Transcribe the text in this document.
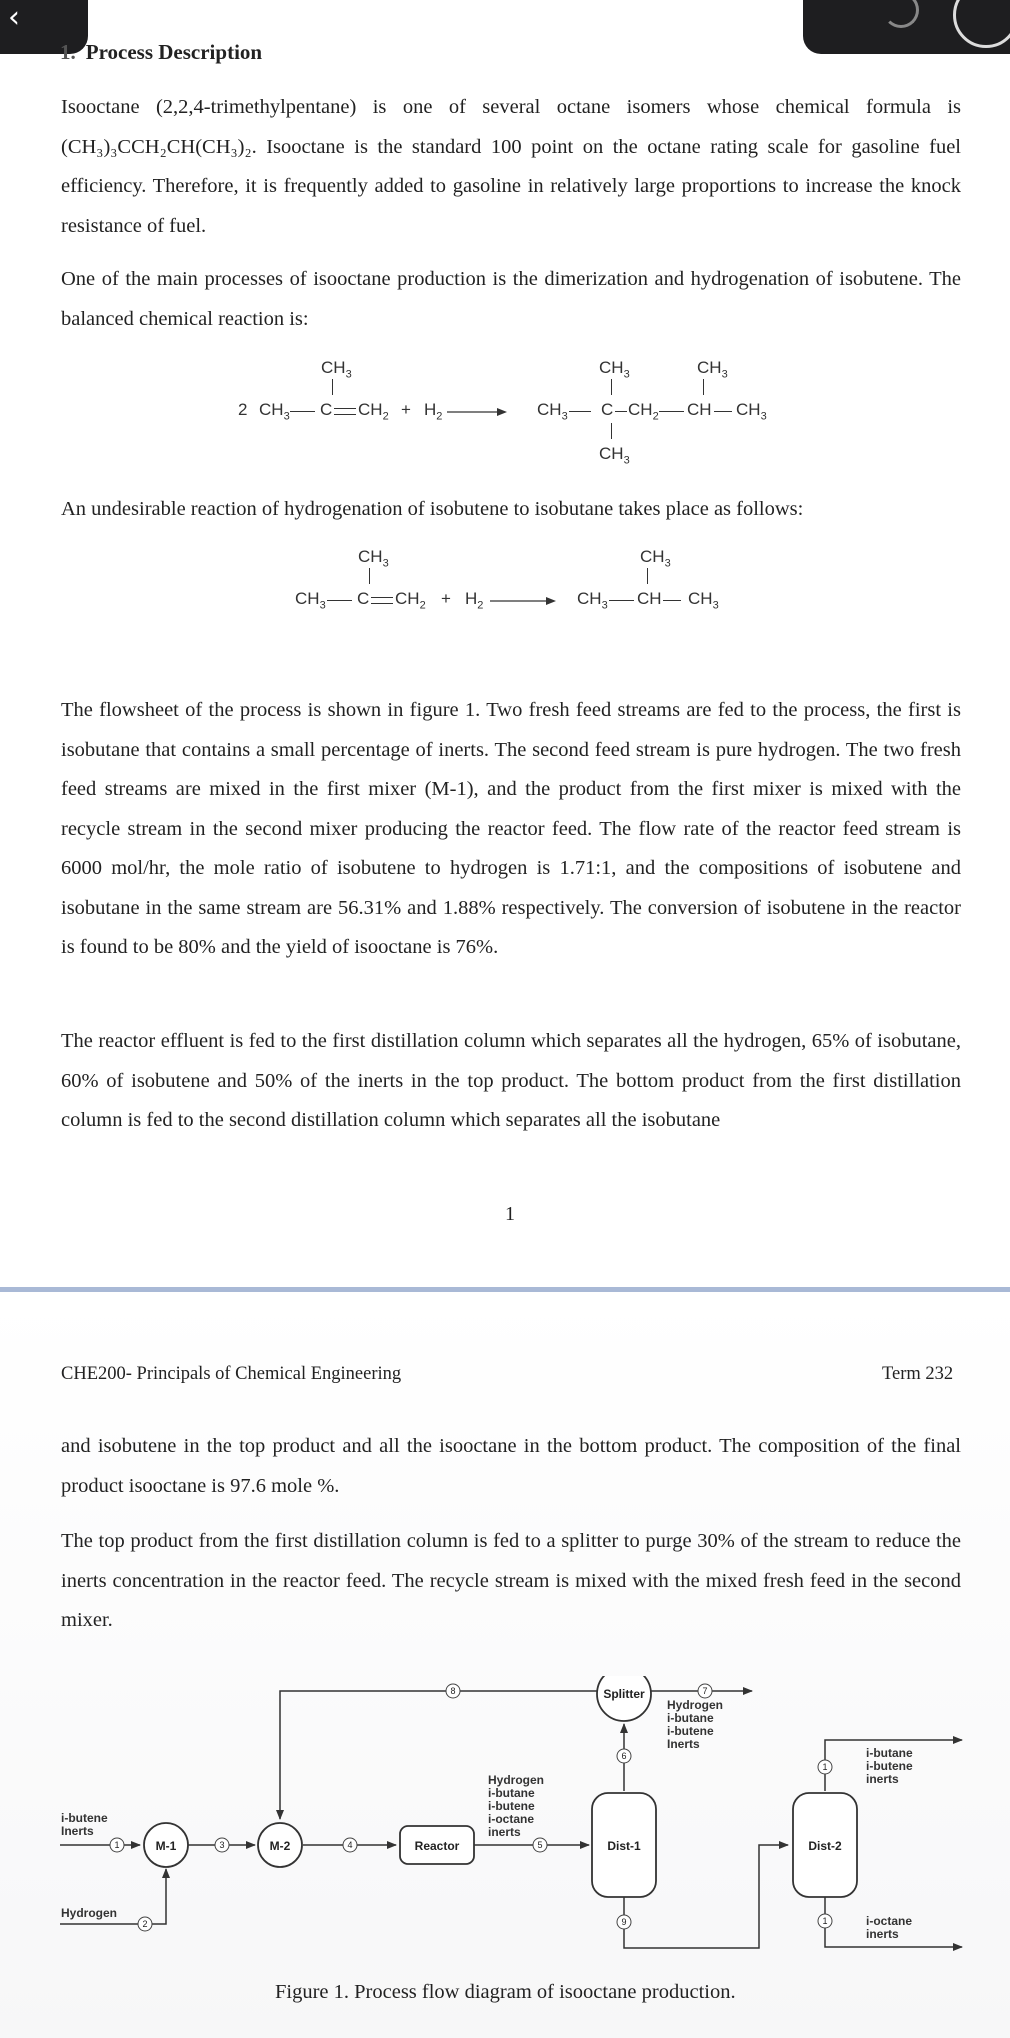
‹
1. Process Description
Isooctane (2,2,4-trimethylpentane) is one of several octane isomers whose chemical formula is (CH₃)₃CCH₂CH(CH₃)₂. Isooctane is the standard 100 point on the octane rating scale for gasoline fuel efficiency. Therefore, it is frequently added to gasoline in relatively large proportions to increase the knock resistance of fuel.
One of the main processes of isooctane production is the dimerization and hydrogenation of isobutene. The balanced chemical reaction is:
$CH_3$
2 $CH_3$ C $CH_2 + H_2$	$CH_3$
$CH_3$
C
$CH_3$
$CH_2$
$CH_3$
CH $CH_3$
An undesirable reaction of hydrogenation of isobutene to isobutane takes place as follows:
$CH_3$
$CH_3$ C $CH_2 + H_2$	$CH_3$
$CH_3$
CH $CH_3$
The flowsheet of the process is shown in figure 1. Two fresh feed streams are fed to the process, the first is isobutane that contains a small percentage of inerts. The second feed stream is pure hydrogen. The two fresh feed streams are mixed in the first mixer (M-1), and the product from the first mixer is mixed with the recycle stream in the second mixer producing the reactor feed. The flow rate of the reactor feed stream is 6000 mol/hr, the mole ratio of isobutene to hydrogen is 1.71:1, and the compositions of isobutene and isobutane in the same stream are 56.31% and 1.88% respectively. The conversion of isobutene in the reactor is found to be 80% and the yield of isooctane is 76%.
The reactor effluent is fed to the first distillation column which separates all the hydrogen, 65% of isobutane, 60% of isobutene and 50% of the inerts in the top product. The bottom product from the first distillation column is fed to the second distillation column which separates all the isobutane
1
CHE200- Principals of Chemical Engineering	Term 232
and isobutene in the top product and all the isooctane in the bottom product. The composition of the final product isooctane is 97.6 mole %.
The top product from the first distillation column is fed to a splitter to purge 30% of the stream to reduce the inerts concentration in the reactor feed. The recycle stream is mixed with the mixed fresh feed in the second mixer.
M-1	M-2	Reactor	Dist-1	Dist-2
Splitter
1
2
3	4	5
6
7
8
9
1
1
i-butene
Inerts
Hydrogen
Hydrogen
i-butane
i-butene
i-octane
inerts
Hydrogen
i-butane
i-butene
Inerts
i-butane
i-butene
inerts
i-octane
inerts
Figure 1. Process flow diagram of isooctane production.
